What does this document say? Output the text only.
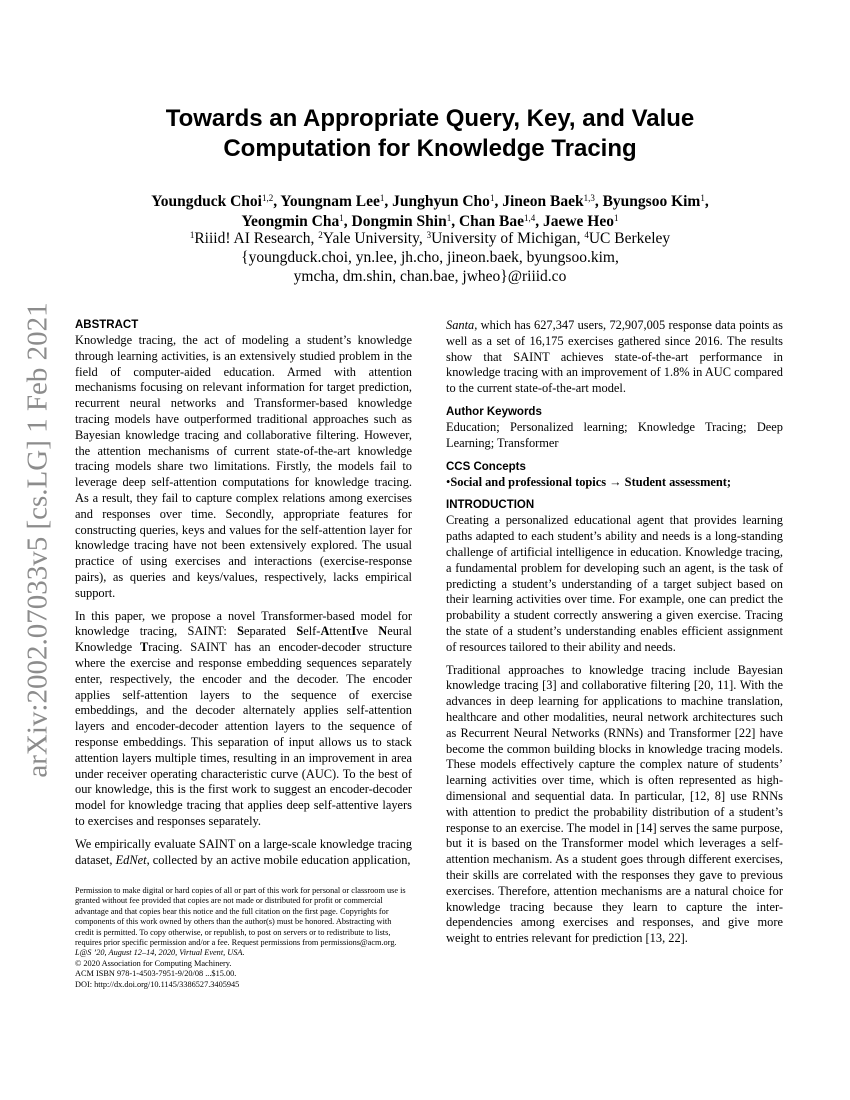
arXiv:2002.07033v5 [cs.LG] 1 Feb 2021
Towards an Appropriate Query, Key, and Value
Computation for Knowledge Tracing
Youngduck Choi$^{1,2}$, Youngnam Lee$^1$, Junghyun Cho$^1$, Jineon Baek$^{1,3}$, Byungsoo Kim$^1$,
Yeongmin Cha$^1$, Dongmin Shin$^1$, Chan Bae$^{1,4}$, Jaewe Heo$^1$
$^1$Riiid! AI Research, $^2$Yale University, $^3$University of Michigan, $^4$UC Berkeley
{youngduck.choi, yn.lee, jh.cho, jineon.baek, byungsoo.kim,
ymcha, dm.shin, chan.bae, jwheo}@riiid.co
ABSTRACT

Knowledge tracing, the act of modeling a student’s knowledge through learning activities, is an extensively studied problem in the field of computer-aided education. Armed with attention mechanisms focusing on relevant information for target prediction, recurrent neural networks and Transformer-based knowledge tracing models have outperformed traditional approaches such as Bayesian knowledge tracing and collaborative filtering. However, the attention mechanisms of current state-of-the-art knowledge tracing models share two limitations. Firstly, the models fail to leverage deep self-attention computations for knowledge tracing. As a result, they fail to capture complex relations among exercises and responses over time. Secondly, appropriate features for constructing queries, keys and values for the self-attention layer for knowledge tracing have not been extensively explored. The usual practice of using exercises and interactions (exercise-response pairs), as queries and keys/values, respectively, lacks empirical support.

In this paper, we propose a novel Transformer-based model for knowledge tracing, SAINT: Separated Self-AttentIve Neural Knowledge Tracing. SAINT has an encoder-decoder structure where the exercise and response embedding sequences separately enter, respectively, the encoder and the decoder. The encoder applies self-attention layers to the sequence of exercise embeddings, and the decoder alternately applies self-attention layers and encoder-decoder attention layers to the sequence of response embeddings. This separation of input allows us to stack attention layers multiple times, resulting in an improvement in area under receiver operating characteristic curve (AUC). To the best of our knowledge, this is the first work to suggest an encoder-decoder model for knowledge tracing that applies deep self-attentive layers to exercises and responses separately.

We empirically evaluate SAINT on a large-scale knowledge tracing dataset, EdNet, collected by an active mobile education application,

Permission to make digital or hard copies of all or part of this work for personal or classroom use is granted without fee provided that copies are not made or distributed for profit or commercial advantage and that copies bear this notice and the full citation on the first page. Copyrights for components of this work owned by others than the author(s) must be honored. Abstracting with credit is permitted. To copy otherwise, or republish, to post on servers or to redistribute to lists, requires prior specific permission and/or a fee. Request permissions from permissions@acm.org.
L@S ’20, August 12–14, 2020, Virtual Event, USA.
© 2020 Association for Computing Machinery.
ACM ISBN 978-1-4503-7951-9/20/08 ...$15.00.
DOI: http://dx.doi.org/10.1145/3386527.3405945

Santa, which has 627,347 users, 72,907,005 response data points as well as a set of 16,175 exercises gathered since 2016. The results show that SAINT achieves state-of-the-art performance in knowledge tracing with an improvement of 1.8% in AUC compared to the current state-of-the-art model.

Author Keywords

Education; Personalized learning; Knowledge Tracing; Deep Learning; Transformer

CCS Concepts

•Social and professional topics → Student assessment;

INTRODUCTION

Creating a personalized educational agent that provides learning paths adapted to each student’s ability and needs is a long-standing challenge of artificial intelligence in education. Knowledge tracing, a fundamental problem for developing such an agent, is the task of predicting a student’s understanding of a target subject based on their learning activities over time. For example, one can predict the probability a student correctly answering a given exercise. Tracing the state of a student’s understanding enables efficient assignment of resources tailored to their ability and needs.

Traditional approaches to knowledge tracing include Bayesian knowledge tracing [3] and collaborative filtering [20, 11]. With the advances in deep learning for applications to machine translation, healthcare and other modalities, neural network architectures such as Recurrent Neural Networks (RNNs) and Transformer [22] have become the common building blocks in knowledge tracing models. These models effectively capture the complex nature of students’ learning activities over time, which is often represented as high-dimensional and sequential data. In particular, [12, 8] use RNNs with attention to predict the probability distribution of a student’s response to an exercise. The model in [14] serves the same purpose, but it is based on the Transformer model which leverages a self-attention mechanism. As a student goes through different exercises, their skills are correlated with the responses they gave to previous exercises. Therefore, attention mechanisms are a natural choice for knowledge tracing because they learn to capture the inter-dependencies among exercises and responses, and give more weight to entries relevant for prediction [13, 22].
